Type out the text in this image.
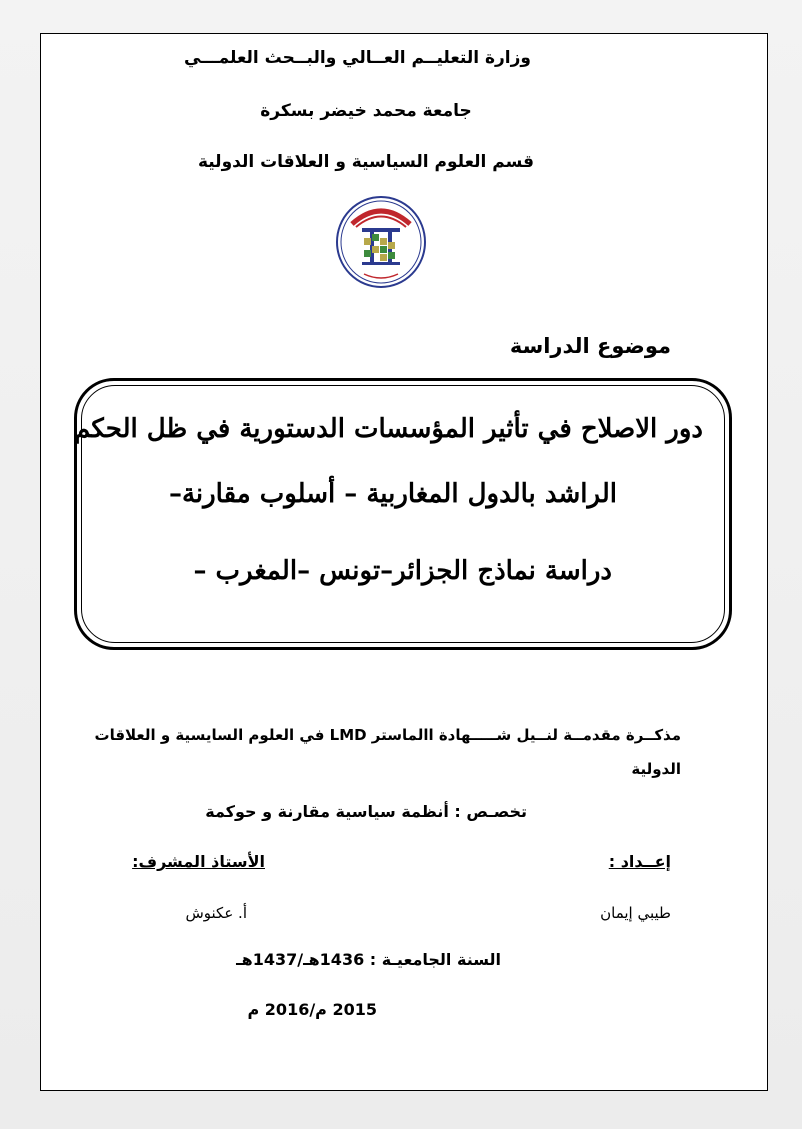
وزارة التعليــم العــالي والبــحث العلمـــي
جامعة محمد خيضر بسكرة
قسم العلوم السياسية و العلاقات الدولية
موضوع الدراسة
دور الاصلاح في تأثير المؤسسات الدستورية في ظل الحكم
الراشد بالدول المغاربية – أسلوب مقارنة–
دراسة نماذج الجزائر–تونس –المغرب –
مذكــرة مقدمــة لنــيل شـــــهادة االماستر LMD في العلوم السايسية و العلاقات الدولية
تخصـص : أنظمة سياسية مقارنة و حوكمة
إعــداد :
الأستاذ المشرف:
طيبي إيمان
أ. عكنوش
السنة الجامعيـة : 1436هـ/1437هـ
2015 م/2016 م
